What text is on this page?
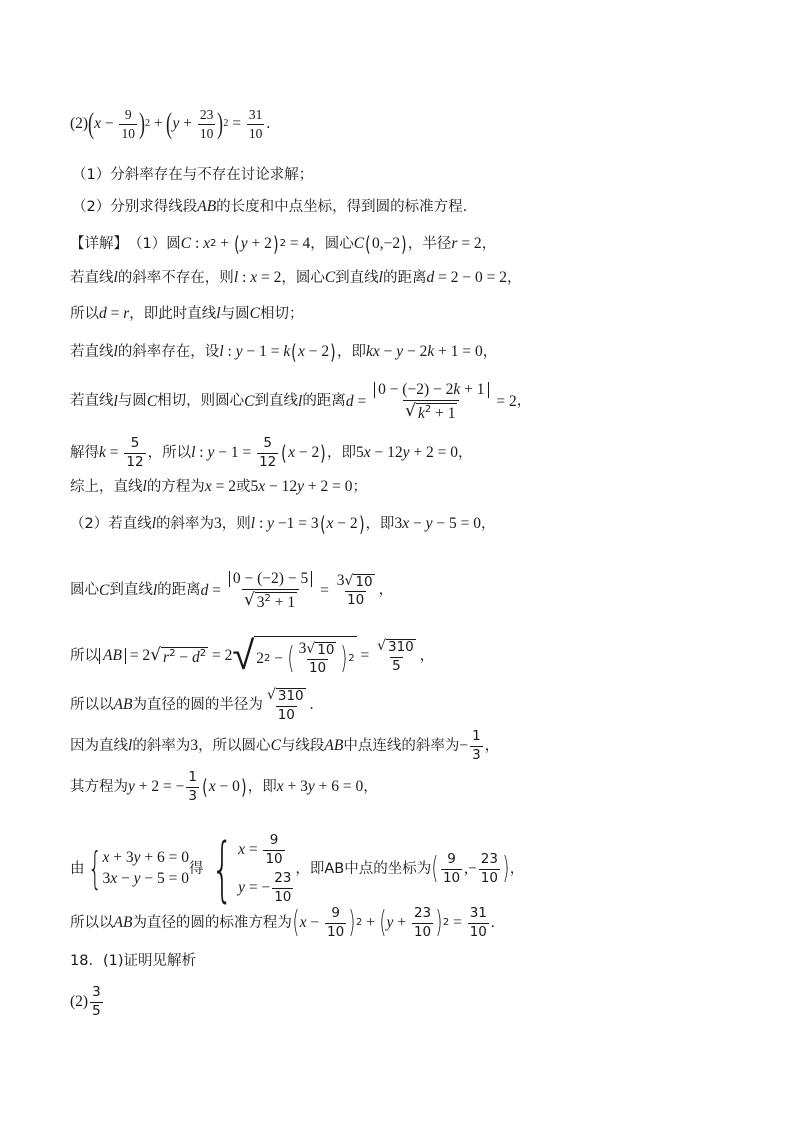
(2) ( $x - \frac{9}{10}$ ) 2 + ( $y + \frac{23}{10}$ ) $2 = \frac{31}{10}$ .
（1）分斜率存在与不存在讨论求解；
（2）分别求得线段 AB 的长度和中点坐标，得到圆的标准方程.
【详解】 （1）圆 C : x 2 + ( y + 2 ) 2 = 4 ，圆心 C ( 0,−2 ) ，半径 r = 2 ，
若直线 l 的斜率不存在，则 l : x = 2 ，圆心 C 到直线 l 的距离 d = 2 − 0 = 2 ，
所以 d = r ，即此时直线 l 与圆 C 相切；
若直线 l 的斜率存在，设 l : y − 1 = k ( x − 2 ) ，即 kx − y − 2 k + 1 = 0 ，
若直线 l 与圆 C 相切，则圆心 C 到直线 l 的距离 $d = \frac{0 - (-2) - 2k + 1}{√ k^2 + 1} = 2$ ，
解得 $k = \frac{5}{12}$ ，所以 l : $y - 1 = \frac{5}{12}$ ( x − 2 ) ，即 5 x − 12 y + 2 = 0 ，
综上，直线 l 的方程为 x = 2 或 5 x − 12 y + 2 = 0 ；
（2）若直线 l 的斜率为 3 ，则 l : y −1 = 3 ( x − 2 ) ，即 3 x − y − 5 = 0 ，
圆心 C 到直线 l 的距离 $d = \frac{0 - (-2) - 5}{√ 3^2 + 1} = \frac{3 √ 10}{10}$ ，
所以 AB = 2 √ $r^2 - d^2 = 2$ √ 2 2 − ( $\frac{3 √ 10}{10}$ ) $2 = \frac{√ 310}{5}$ ，
所以以 AB 为直径的圆的半径为 $\frac{√ 310}{10}$ .
因为直线 l 的斜率为 3 ，所以圆心 C 与线段 AB 中点连线的斜率为 − $\frac{1}{3}$ ，
其方程为 y + 2 = − $\frac{1}{3}$ ( x − 0 ) ，即 x + 3 y + 6 = 0 ，
由 { x + 3y + 6 = 0
3x − y − 5 = 0
得 { $x = \frac{9}{10}$
y = − $\frac{23}{10}$
，即AB中点的坐标为 ( $\frac{9}{10}$ ,− $\frac{23}{10}$ ) ，
所以以 AB 为直径的圆的标准方程为 ( $x - \frac{9}{10}$ ) 2 + ( $y + \frac{23}{10}$ ) $2 = \frac{31}{10}$ .
18．(1)证明见解析
$(2) \frac{3}{5}$
